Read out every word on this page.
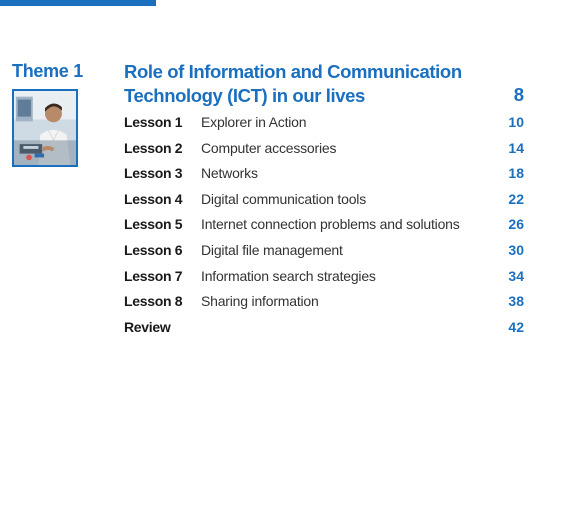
Theme 1 Role of Information and Communication
Technology (ICT) in our lives	8
Lesson 1 Explorer in Action	10
Lesson 2 Computer accessories	14
Lesson 3 Networks	18
Lesson 4 Digital communication tools	22
Lesson 5 Internet connection problems and solutions	26
Lesson 6 Digital file management	30
Lesson 7 Information search strategies	34
Lesson 8 Sharing information	38
Review	42
